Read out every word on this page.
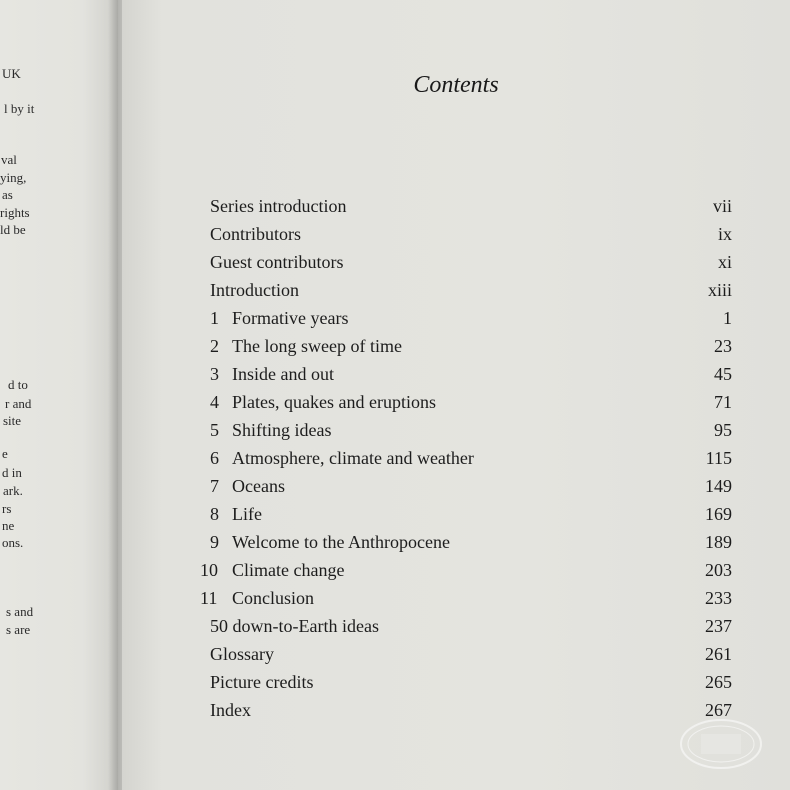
UK
l by it
val
ying,
as
rights
ld be
d to
r and
site
e
d in
ark.
rs
ne
ons.
s and
s are
Contents
Series introduction	vii
Contributors	ix
Guest contributors	xi
Introduction	xiii
1 Formative years	1
2 The long sweep of time	23
3 Inside and out	45
4 Plates, quakes and eruptions	71
5 Shifting ideas	95
6 Atmosphere, climate and weather	115
7 Oceans	149
8 Life	169
9 Welcome to the Anthropocene	189
10 Climate change	203
11 Conclusion	233
50 down-to-Earth ideas	237
Glossary	261
Picture credits	265
Index	267
